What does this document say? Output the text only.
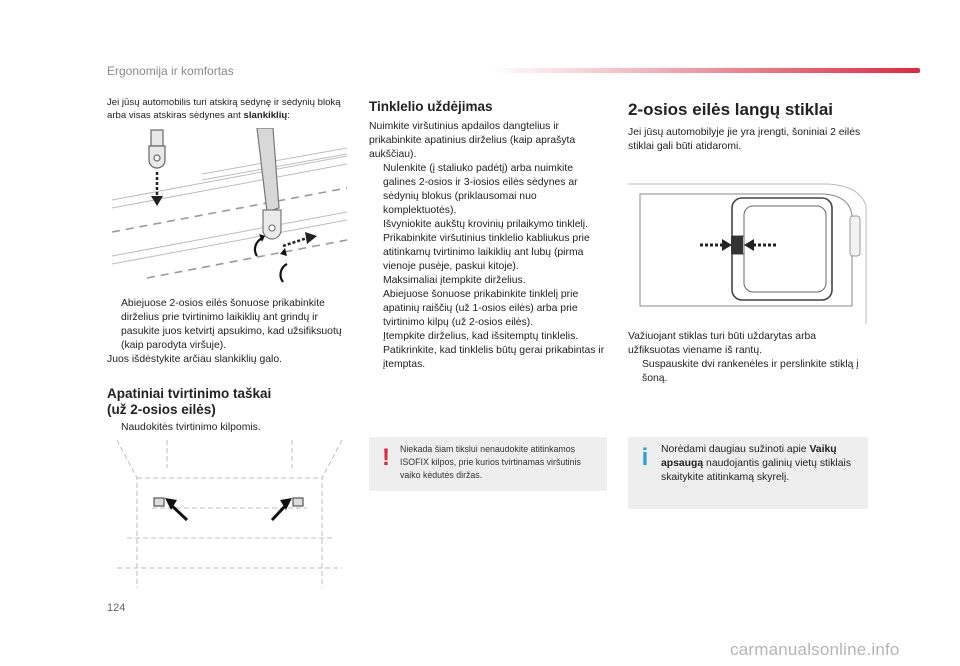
Ergonomija ir komfortas
Jei jūsų automobilis turi atskirą sėdynę ir sėdynių bloką arba visas atskiras sėdynes ant slankiklių:
Abiejuose 2-osios eilės šonuose prikabinkite dirželius prie tvirtinimo laikiklių ant grindų ir pasukite juos ketvirtį apsukimo, kad užsifiksuotų (kaip parodyta viršuje).

Juos išdėstykite arčiau slankiklių galo.

Apatiniai tvirtinimo taškai
(už 2-osios eilės)
Naudokitės tvirtinimo kilpomis.
Tinklelio uždėjimas

Nuimkite viršutinius apdailos dangtelius ir prikabinkite apatinius dirželius (kaip aprašyta aukščiau).

Nulenkite (į staliuko padėtį) arba nuimkite galines 2-osios ir 3-iosios eilės sėdynes ar sėdynių blokus (priklausomai nuo komplektuotės).
Išvyniokite aukštų krovinių prilaikymo tinklelį.
Prikabinkite viršutinius tinklelio kabliukus prie atitinkamų tvirtinimo laikiklių ant lubų (pirma vienoje pusėje, paskui kitoje).
Maksimaliai įtempkite dirželius.
Abiejuose šonuose prikabinkite tinklelį prie apatinių raiščių (už 1-osios eilės) arba prie tvirtinimo kilpų (už 2-osios eilės).
Įtempkite dirželius, kad išsitemptų tinklelis.
Patikrinkite, kad tinklelis būtų gerai prikabintas ir įtemptas.
!	Niekada šiam tikslui nenaudokite atitinkamos ISOFIX kilpos, prie kurios tvirtinamas viršutinis vaiko kėdutės diržas.
2-osios eilės langų stiklai
Jei jūsų automobilyje jie yra įrengti, šoniniai 2 eilės stiklai gali būti atidaromi.

Važiuojant stiklas turi būti uždarytas arba užfiksuotas viename iš rantų.

Suspauskite dvi rankenėles ir perslinkite stiklą į šoną.
i	Norėdami daugiau sužinoti apie Vaikų apsaugą naudojantis galinių vietų stiklais skaitykite atitinkamą skyrelį.
124
carmanualsonline.info
